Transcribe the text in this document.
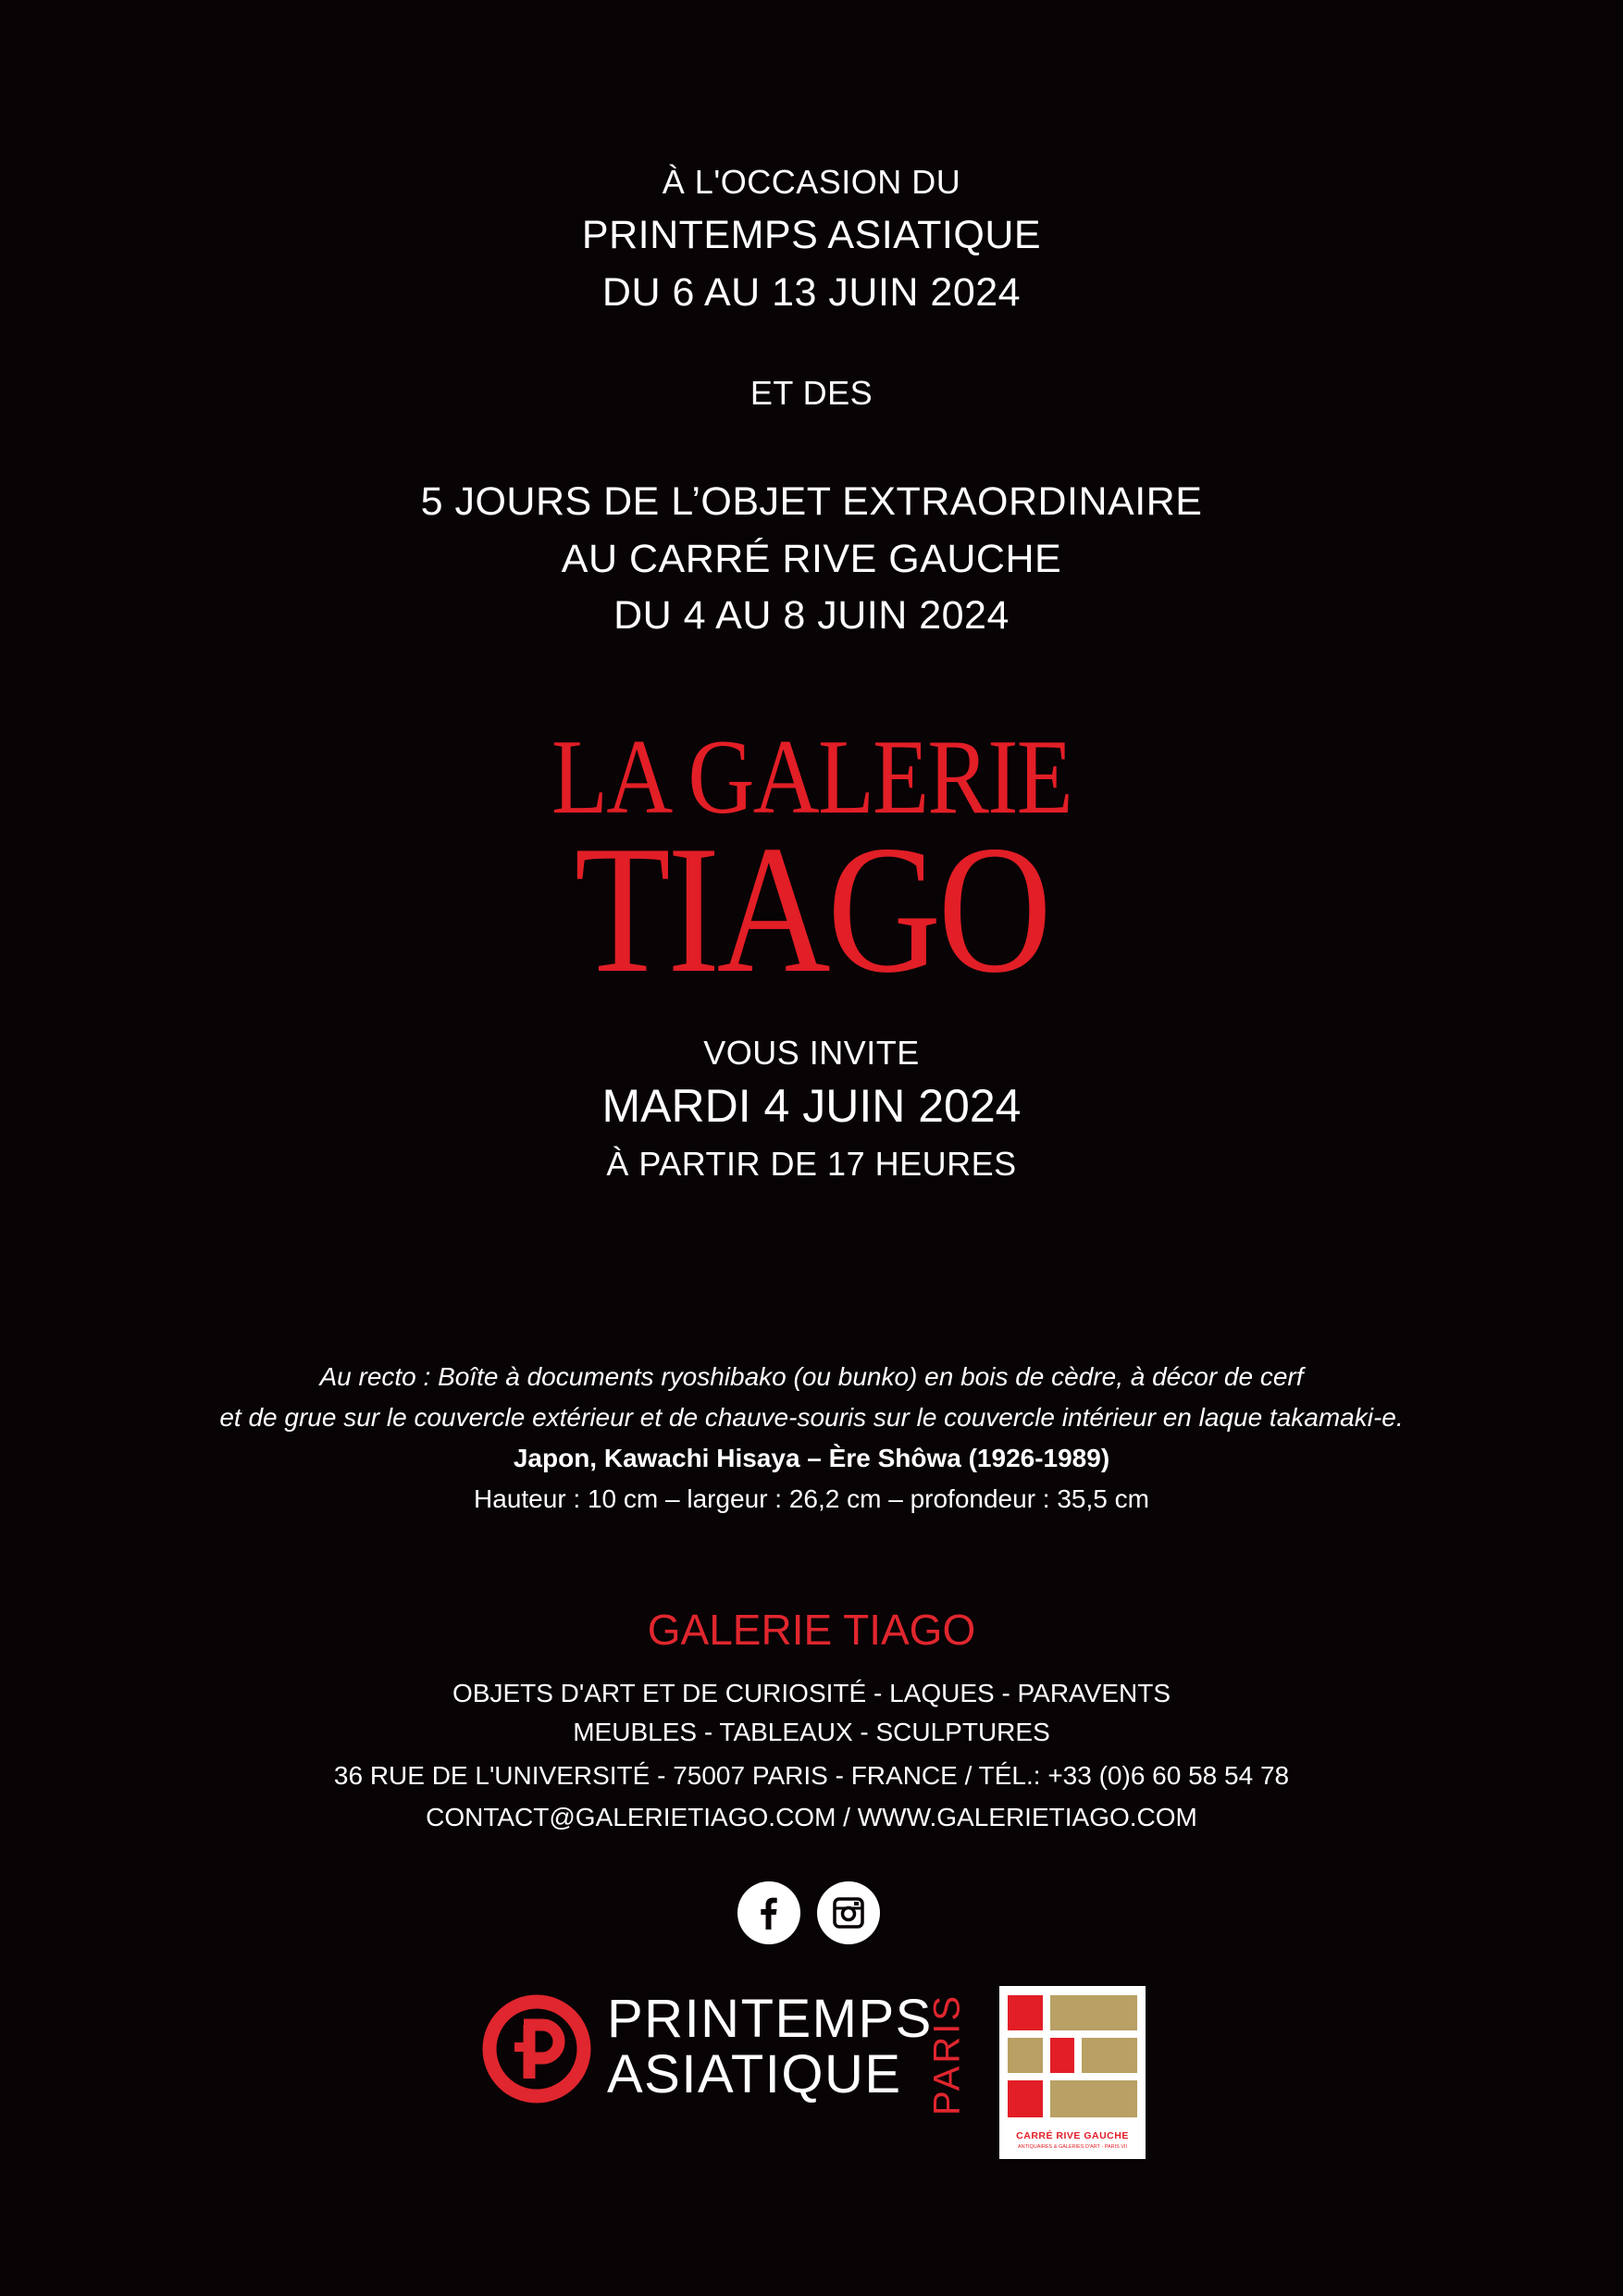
À L'OCCASION DU
PRINTEMPS ASIATIQUE
DU 6 AU 13 JUIN 2024
ET DES
5 JOURS DE L’OBJET EXTRAORDINAIRE
AU CARRÉ RIVE GAUCHE
DU 4 AU 8 JUIN 2024
LA GALERIE
TIAGO
VOUS INVITE
MARDI 4 JUIN 2024
À PARTIR DE 17 HEURES
Au recto : Boîte à documents ryoshibako (ou bunko) en bois de cèdre, à décor de cerf
et de grue sur le couvercle extérieur et de chauve-souris sur le couvercle intérieur en laque takamaki-e.
Japon, Kawachi Hisaya – Ère Shôwa (1926-1989)
Hauteur : 10 cm – largeur : 26,2 cm – profondeur : 35,5 cm
GALERIE TIAGO
OBJETS D'ART ET DE CURIOSITÉ - LAQUES - PARAVENTS
MEUBLES - TABLEAUX - SCULPTURES
36 RUE DE L'UNIVERSITÉ - 75007 PARIS - FRANCE / TÉL.: +33 (0)6 60 58 54 78
CONTACT@GALERIETIAGO.COM / WWW.GALERIETIAGO.COM
PRINTEMPS
ASIATIQUE PARIS
CARRÉ RIVE GAUCHE
ANTIQUAIRES & GALERIES D'ART - PARIS VII
